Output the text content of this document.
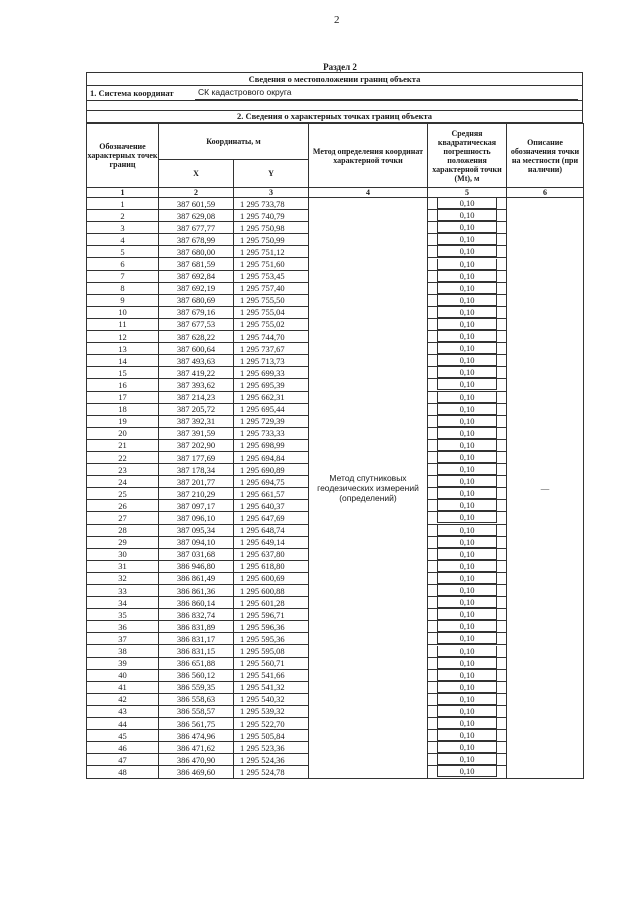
2
Раздел 2
Сведения о местоположении границ объекта
1. Система координат	СК кадастрового округа
2. Сведения о характерных точках границ объекта
Обозначение характерных точек границ	Координаты, м		Метод определения координат характерной точки	Средняя квадратическая погрешность положения характерной точки (Mt), м	Описание обозначения точки на местности (при наличии)
	X	Y			
1	2	3	4	5	6
1	387 601,59	1 295 733,78	Метод спутниковых геодезических измерений (определений)	0,10	—
2	387 629,08	1 295 740,79		0,10	
3	387 677,77	1 295 750,98		0,10	
4	387 678,99	1 295 750,99		0,10	
5	387 680,00	1 295 751,12		0,10	
6	387 681,59	1 295 751,60		0,10	
7	387 692,84	1 295 753,45		0,10	
8	387 692,19	1 295 757,40		0,10	
9	387 680,69	1 295 755,50		0,10	
10	387 679,16	1 295 755,04		0,10	
11	387 677,53	1 295 755,02		0,10	
12	387 628,22	1 295 744,70		0,10	
13	387 600,64	1 295 737,67		0,10	
14	387 493,63	1 295 713,73		0,10	
15	387 419,22	1 295 699,33		0,10	
16	387 393,62	1 295 695,39		0,10	
17	387 214,23	1 295 662,31		0,10	
18	387 205,72	1 295 695,44		0,10	
19	387 392,31	1 295 729,39		0,10	
20	387 391,59	1 295 733,33		0,10	
21	387 202,90	1 295 698,99		0,10	
22	387 177,69	1 295 694,84		0,10	
23	387 178,34	1 295 690,89		0,10	
24	387 201,77	1 295 694,75		0,10	
25	387 210,29	1 295 661,57		0,10	
26	387 097,17	1 295 640,37		0,10	
27	387 096,10	1 295 647,69		0,10	
28	387 095,34	1 295 648,74		0,10	
29	387 094,10	1 295 649,14		0,10	
30	387 031,68	1 295 637,80		0,10	
31	386 946,80	1 295 618,80		0,10	
32	386 861,49	1 295 600,69		0,10	
33	386 861,36	1 295 600,88		0,10	
34	386 860,14	1 295 601,28		0,10	
35	386 832,74	1 295 596,71		0,10	
36	386 831,89	1 295 596,36		0,10	
37	386 831,17	1 295 595,36		0,10	
38	386 831,15	1 295 595,08		0,10	
39	386 651,88	1 295 560,71		0,10	
40	386 560,12	1 295 541,66		0,10	
41	386 559,35	1 295 541,32		0,10	
42	386 558,63	1 295 540,32		0,10	
43	386 558,57	1 295 539,32		0,10	
44	386 561,75	1 295 522,70		0,10	
45	386 474,96	1 295 505,84		0,10	
46	386 471,62	1 295 523,36		0,10	
47	386 470,90	1 295 524,36		0,10	
48	386 469,60	1 295 524,78		0,10	
